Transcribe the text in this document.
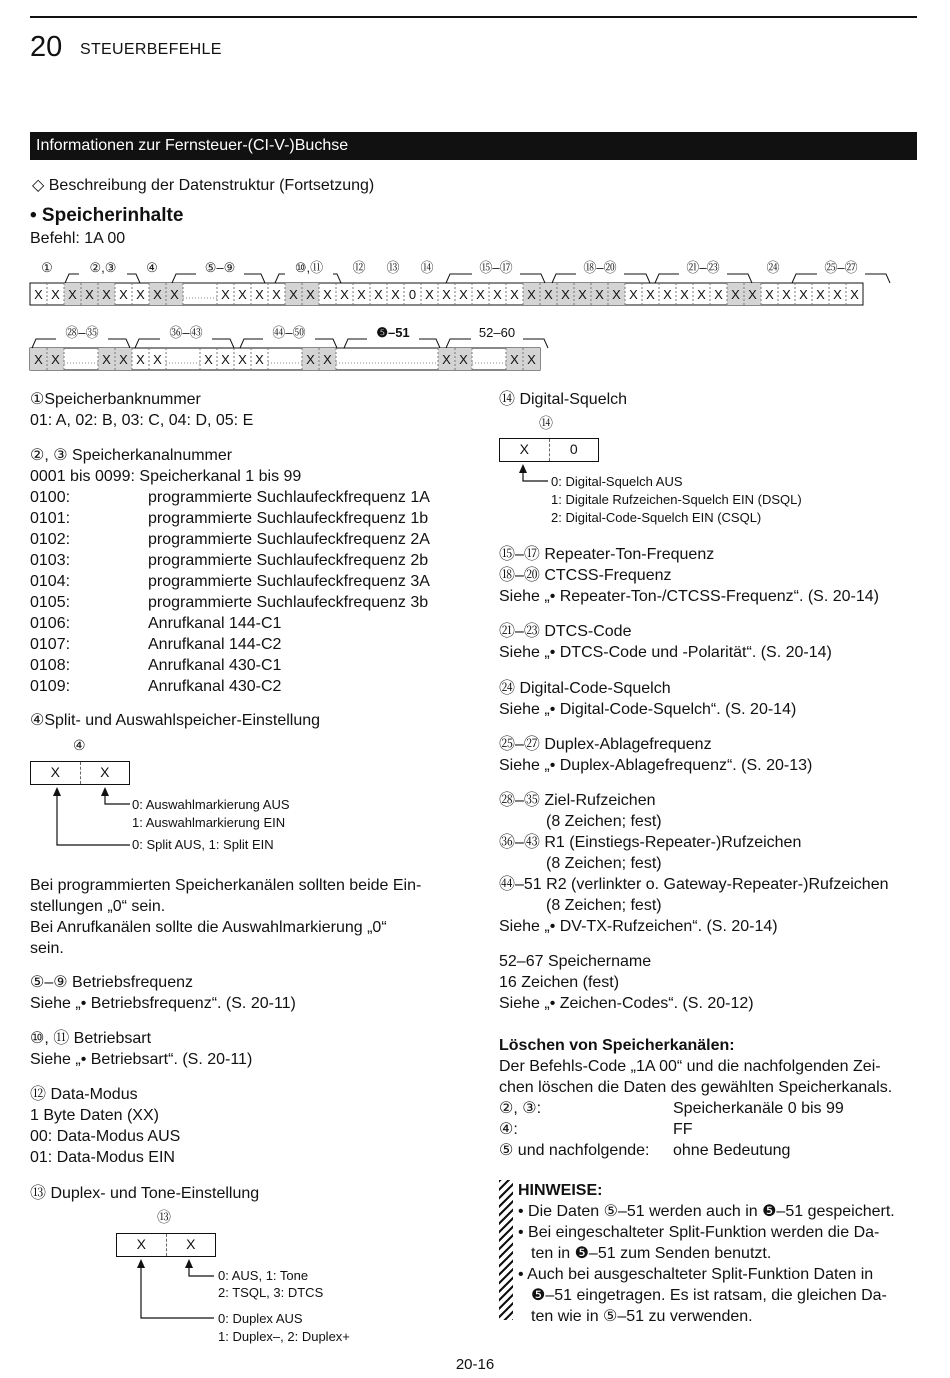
20 STEUERBEFEHLE
Informationen zur Fernsteuer-(CI-V-)Buchse
◇ Beschreibung der Datenstruktur (Fortsetzung)
• Speicherinhalte
Befehl: 1A 00
X X X X X X X X X	X X X X X X X X X X X 0 X X X X X X X X X X X X X X X X X X X X X X X X X X
①	②,③ ④	⑤–⑨	⑩,⑪ ⑫ ⑬ ⑭	⑮–⑰	⑱–⑳	㉑–㉓	㉔	㉕–㉗
X X	X X X X	X X X X	X X	X X	X X
㉘–㉟	㊱–㊸	㊹–㊿	❺–51	52–60
①Speicherbanknummer
01: A, 02: B, 03: C, 04: D, 05: E
②, ③ Speicherkanalnummer
0001 bis 0099: Speicherkanal 1 bis 99
0100:	programmierte Suchlaufeckfrequenz 1A
0101:	programmierte Suchlaufeckfrequenz 1b
0102:	programmierte Suchlaufeckfrequenz 2A
0103:	programmierte Suchlaufeckfrequenz 2b
0104:	programmierte Suchlaufeckfrequenz 3A
0105:	programmierte Suchlaufeckfrequenz 3b
0106:	Anrufkanal 144-C1
0107:	Anrufkanal 144-C2
0108:	Anrufkanal 430-C1
0109:	Anrufkanal 430-C2
④Split- und Auswahlspeicher-Einstellung
④
X	X
0: Auswahlmarkierung AUS
1: Auswahlmarkierung EIN
0: Split AUS, 1: Split EIN
Bei programmierten Speicherkanälen sollten beide Ein-
stellungen „0“ sein.
Bei Anrufkanälen sollte die Auswahlmarkierung „0“
sein.
⑤–⑨ Betriebsfrequenz
Siehe „• Betriebsfrequenz“. (S. 20-11)
⑩, ⑪ Betriebsart
Siehe „• Betriebsart“. (S. 20-11)
⑫ Data-Modus
1 Byte Daten (XX)
00: Data-Modus AUS
01: Data-Modus EIN
⑬ Duplex- und Tone-Einstellung
⑬
X	X
0: AUS, 1: Tone
2: TSQL, 3: DTCS
0: Duplex AUS
1: Duplex–, 2: Duplex+
⑭ Digital-Squelch
⑭
X	0
0: Digital-Squelch AUS
1: Digitale Rufzeichen-Squelch EIN (DSQL)
2: Digital-Code-Squelch EIN (CSQL)
⑮–⑰ Repeater-Ton-Frequenz
⑱–⑳ CTCSS-Frequenz
Siehe „• Repeater-Ton-/CTCSS-Frequenz“. (S. 20-14)
㉑–㉓ DTCS-Code
Siehe „• DTCS-Code und -Polarität“. (S. 20-14)
㉔ Digital-Code-Squelch
Siehe „• Digital-Code-Squelch“. (S. 20-14)
㉕–㉗ Duplex-Ablagefrequenz
Siehe „• Duplex-Ablagefrequenz“. (S. 20-13)
㉘–㉟ Ziel-Rufzeichen
(8 Zeichen; fest)
㊱–㊸ R1 (Einstiegs-Repeater-)Rufzeichen
(8 Zeichen; fest)
㊹–51 R2 (verlinkter o. Gateway-Repeater-)Rufzeichen
(8 Zeichen; fest)
Siehe „• DV-TX-Rufzeichen“. (S. 20-14)
52–67 Speichername
16 Zeichen (fest)
Siehe „• Zeichen-Codes“. (S. 20-12)
Löschen von Speicherkanälen:
Der Befehls-Code „1A 00“ und die nachfolgenden Zei-
chen löschen die Daten des gewählten Speicherkanals.
②, ③:	Speicherkanäle 0 bis 99
④:	FF
⑤ und nachfolgende:	ohne Bedeutung
HINWEISE:
• Die Daten ⑤–51 werden auch in ❺–51 gespeichert.
• Bei eingeschalteter Split-Funktion werden die Da-
ten in ❺–51 zum Senden benutzt.
• Auch bei ausgeschalteter Split-Funktion Daten in
❺–51 eingetragen. Es ist ratsam, die gleichen Da-
ten wie in ⑤–51 zu verwenden.
20-16
